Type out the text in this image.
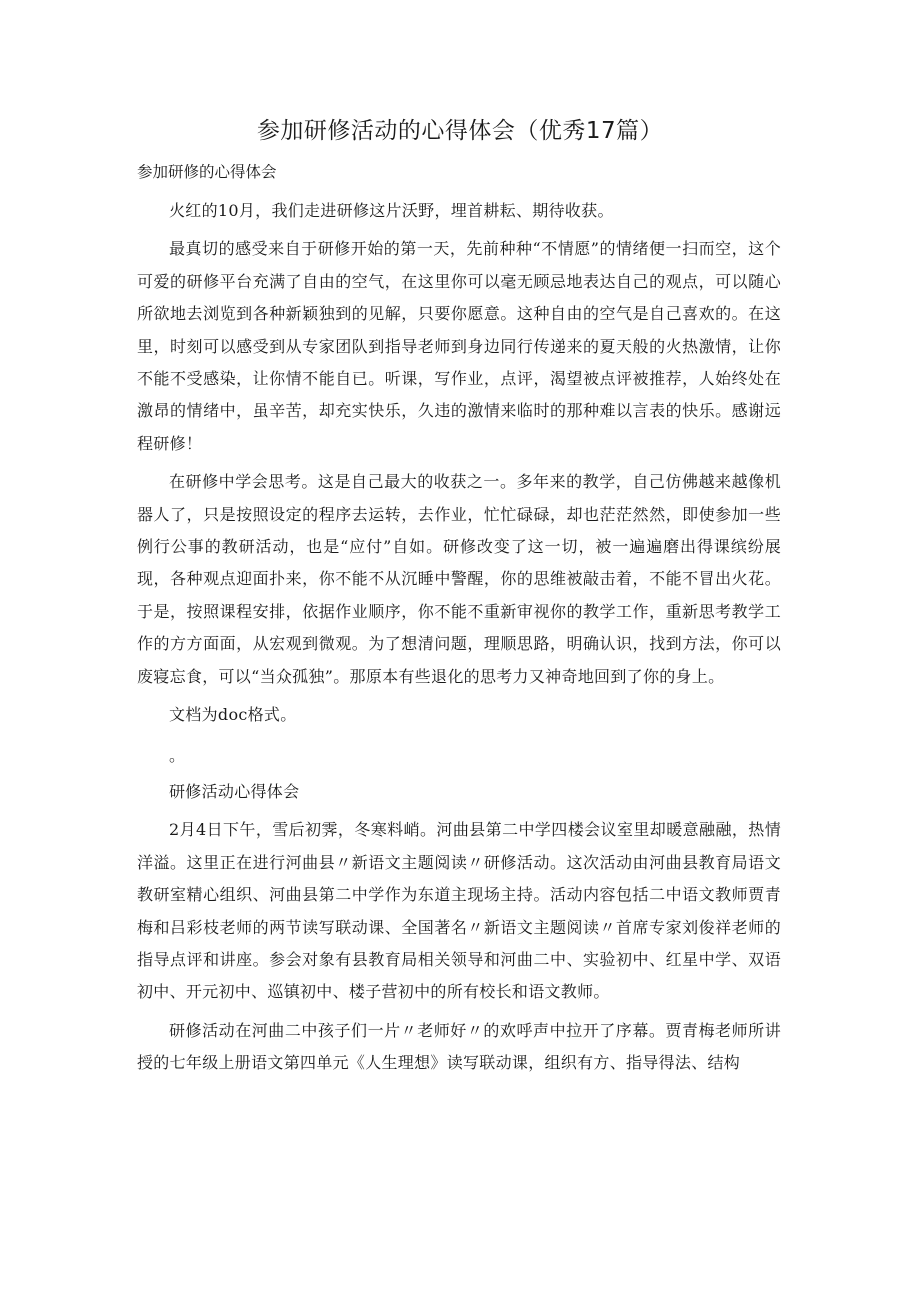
参加研修活动的心得体会（优秀17篇）
参加研修的心得体会

火红的10月，我们走进研修这片沃野，埋首耕耘、期待收获。

最真切的感受来自于研修开始的第一天，先前种种“不情愿”的情绪便一扫而空，这个可爱的研修平台充满了自由的空气，在这里你可以毫无顾忌地表达自己的观点，可以随心所欲地去浏览到各种新颖独到的见解，只要你愿意。这种自由的空气是自己喜欢的。在这里，时刻可以感受到从专家团队到指导老师到身边同行传递来的夏天般的火热激情，让你不能不受感染，让你情不能自已。听课，写作业，点评，渴望被点评被推荐，人始终处在激昂的情绪中，虽辛苦，却充实快乐，久违的激情来临时的那种难以言表的快乐。感谢远程研修！

在研修中学会思考。这是自己最大的收获之一。多年来的教学，自己仿佛越来越像机器人了，只是按照设定的程序去运转，去作业，忙忙碌碌，却也茫茫然然，即使参加一些例行公事的教研活动，也是“应付”自如。研修改变了这一切，被一遍遍磨出得课缤纷展现，各种观点迎面扑来，你不能不从沉睡中警醒，你的思维被敲击着，不能不冒出火花。于是，按照课程安排，依据作业顺序，你不能不重新审视你的教学工作，重新思考教学工作的方方面面，从宏观到微观。为了想清问题，理顺思路，明确认识，找到方法，你可以废寝忘食，可以“当众孤独”。那原本有些退化的思考力又神奇地回到了你的身上。

文档为doc格式。

。

研修活动心得体会

2月4日下午，雪后初霁，冬寒料峭。河曲县第二中学四楼会议室里却暖意融融，热情洋溢。这里正在进行河曲县〃新语文主题阅读〃研修活动。这次活动由河曲县教育局语文教研室精心组织、河曲县第二中学作为东道主现场主持。活动内容包括二中语文教师贾青梅和吕彩枝老师的两节读写联动课、全国著名〃新语文主题阅读〃首席专家刘俊祥老师的指导点评和讲座。参会对象有县教育局相关领导和河曲二中、实验初中、红星中学、双语初中、开元初中、巡镇初中、楼子营初中的所有校长和语文教师。

研修活动在河曲二中孩子们一片〃老师好〃的欢呼声中拉开了序幕。贾青梅老师所讲授的七年级上册语文第四单元《人生理想》读写联动课，组织有方、指导得法、结构
